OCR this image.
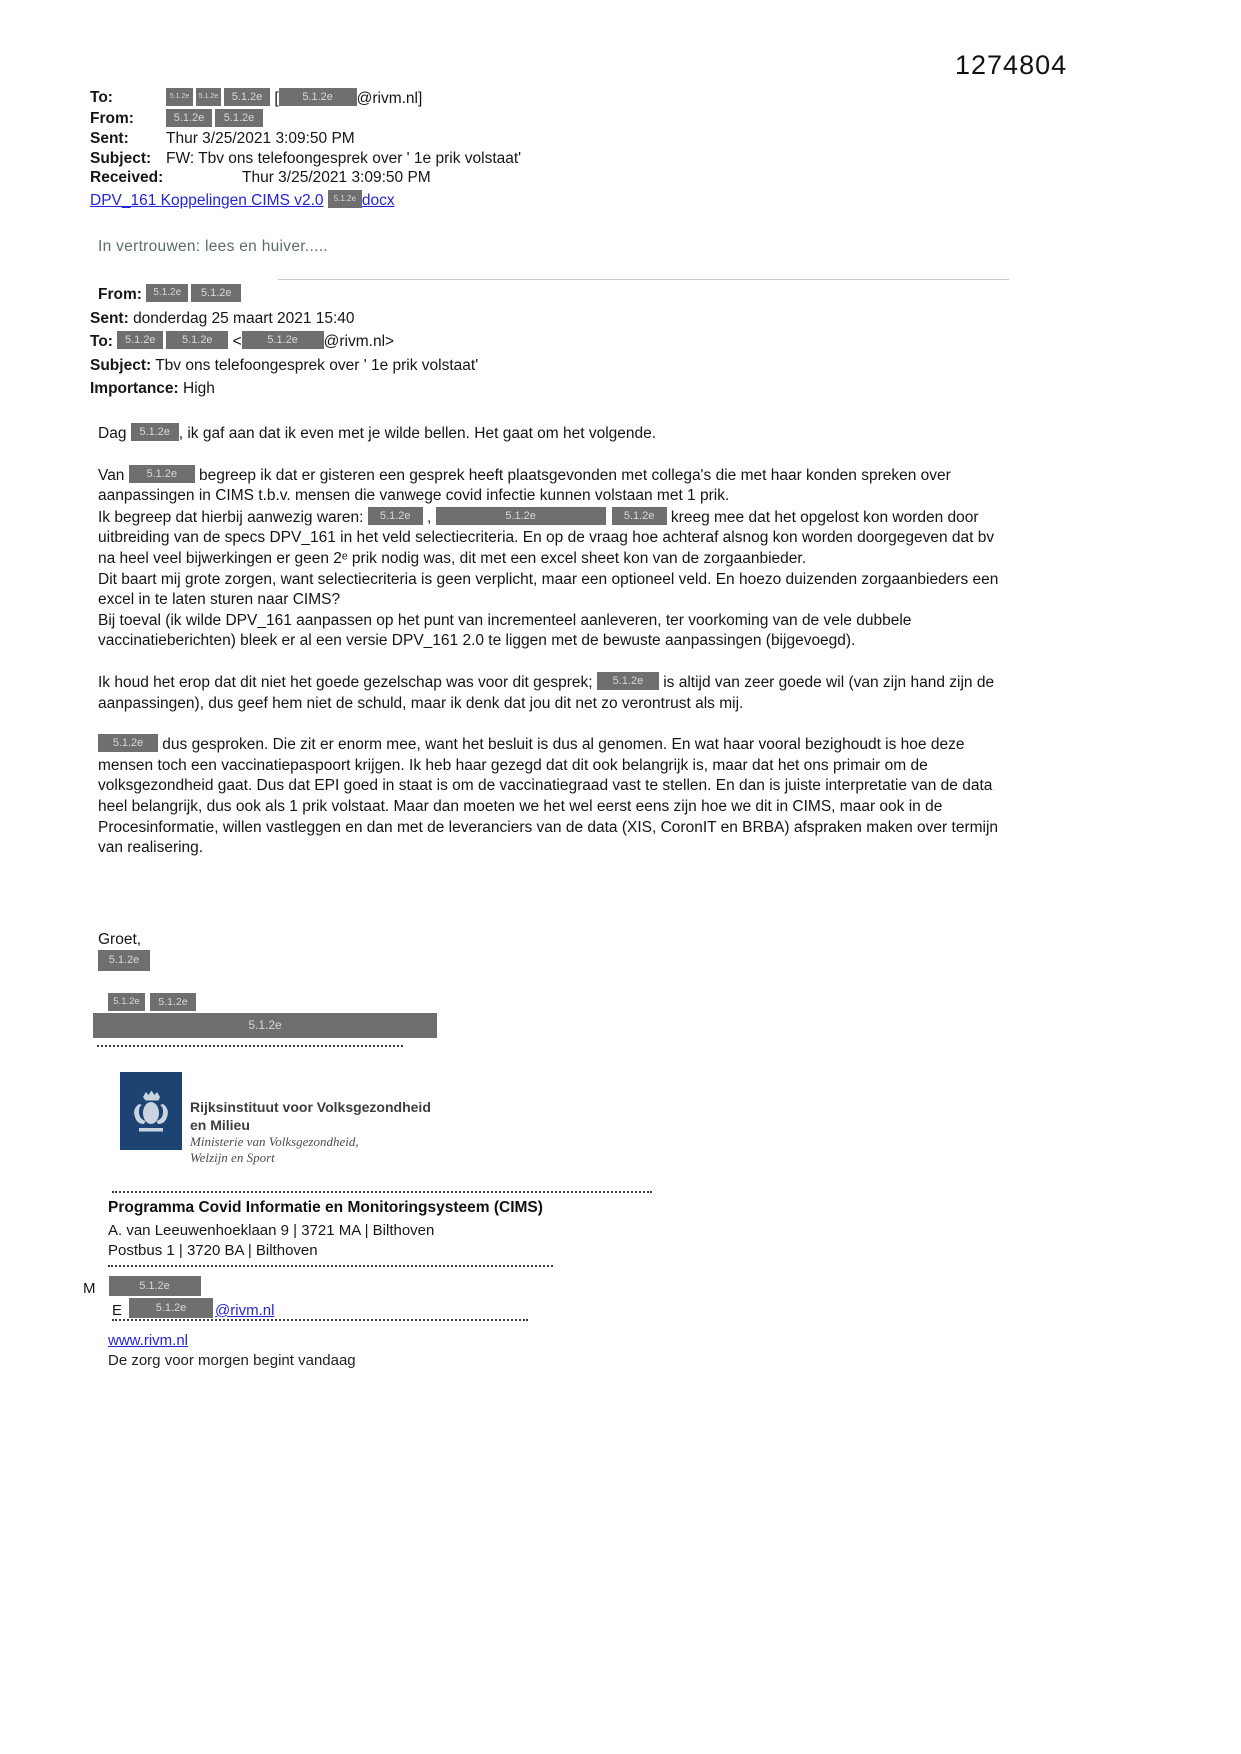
1274804
To:	5.1.2e 5.1.2e 5.1.2e [ 5.1.2e @rivm.nl]
From:	5.1.2e 5.1.2e
Sent:	Thur 3/25/2021 3:09:50 PM
Subject: FW: Tbv ons telefoongesprek over ' 1e prik volstaat'
Received:	Thur 3/25/2021 3:09:50 PM
DPV_161 Koppelingen CIMS v2.0 5.1.2e docx
In vertrouwen: lees en huiver.....
From: 5.1.2e 5.1.2e
Sent: donderdag 25 maart 2021 15:40
To: 5.1.2e 5.1.2e < 5.1.2e @rivm.nl>
Subject: Tbv ons telefoongesprek over ' 1e prik volstaat'
Importance: High

Dag 5.1.2e , ik gaf aan dat ik even met je wilde bellen. Het gaat om het volgende.

Van 5.1.2e begreep ik dat er gisteren een gesprek heeft plaatsgevonden met collega's die met haar konden spreken over aanpassingen in CIMS t.b.v. mensen die vanwege covid infectie kunnen volstaan met 1 prik.

Ik begreep dat hierbij aanwezig waren: 5.1.2e ,	5.1.2e	5.1.2e kreeg mee dat het opgelost kon worden door uitbreiding van de specs DPV_161 in het veld selectiecriteria. En op de vraag hoe achteraf alsnog kon worden doorgegeven dat bv na heel veel bijwerkingen er geen 2ᵉ prik nodig was, dit met een excel sheet kon van de zorgaanbieder.

Dit baart mij grote zorgen, want selectiecriteria is geen verplicht, maar een optioneel veld. En hoezo duizenden zorgaanbieders een excel in te laten sturen naar CIMS?

Bij toeval (ik wilde DPV_161 aanpassen op het punt van incrementeel aanleveren, ter voorkoming van de vele dubbele vaccinatieberichten) bleek er al een versie DPV_161 2.0 te liggen met de bewuste aanpassingen (bijgevoegd).

Ik houd het erop dat dit niet het goede gezelschap was voor dit gesprek; 5.1.2e is altijd van zeer goede wil (van zijn hand zijn de aanpassingen), dus geef hem niet de schuld, maar ik denk dat jou dit net zo verontrust als mij.

5.1.2e dus gesproken. Die zit er enorm mee, want het besluit is dus al genomen. En wat haar vooral bezighoudt is hoe deze mensen toch een vaccinatiepaspoort krijgen. Ik heb haar gezegd dat dit ook belangrijk is, maar dat het ons primair om de volksgezondheid gaat. Dus dat EPI goed in staat is om de vaccinatiegraad vast te stellen. En dan is juiste interpretatie van de data heel belangrijk, dus ook als 1 prik volstaat. Maar dan moeten we het wel eerst eens zijn hoe we dit in CIMS, maar ook in de Procesinformatie, willen vastleggen en dan met de leveranciers van de data (XIS, CoronIT en BRBA) afspraken maken over termijn van realisering.

Groet,
5.1.2e
5.1.2e	5.1.2e
5.1.2e
Rijksinstituut voor Volksgezondheid
en Milieu
Ministerie van Volksgezondheid,
Welzijn en Sport
Programma Covid Informatie en Monitoringsysteem (CIMS)
A. van Leeuwenhoeklaan 9 | 3721 MA | Bilthoven
Postbus 1 | 3720 BA | Bilthoven
M	5.1.2e
E	5.1.2e @rivm.nl
www.rivm.nl
De zorg voor morgen begint vandaag
